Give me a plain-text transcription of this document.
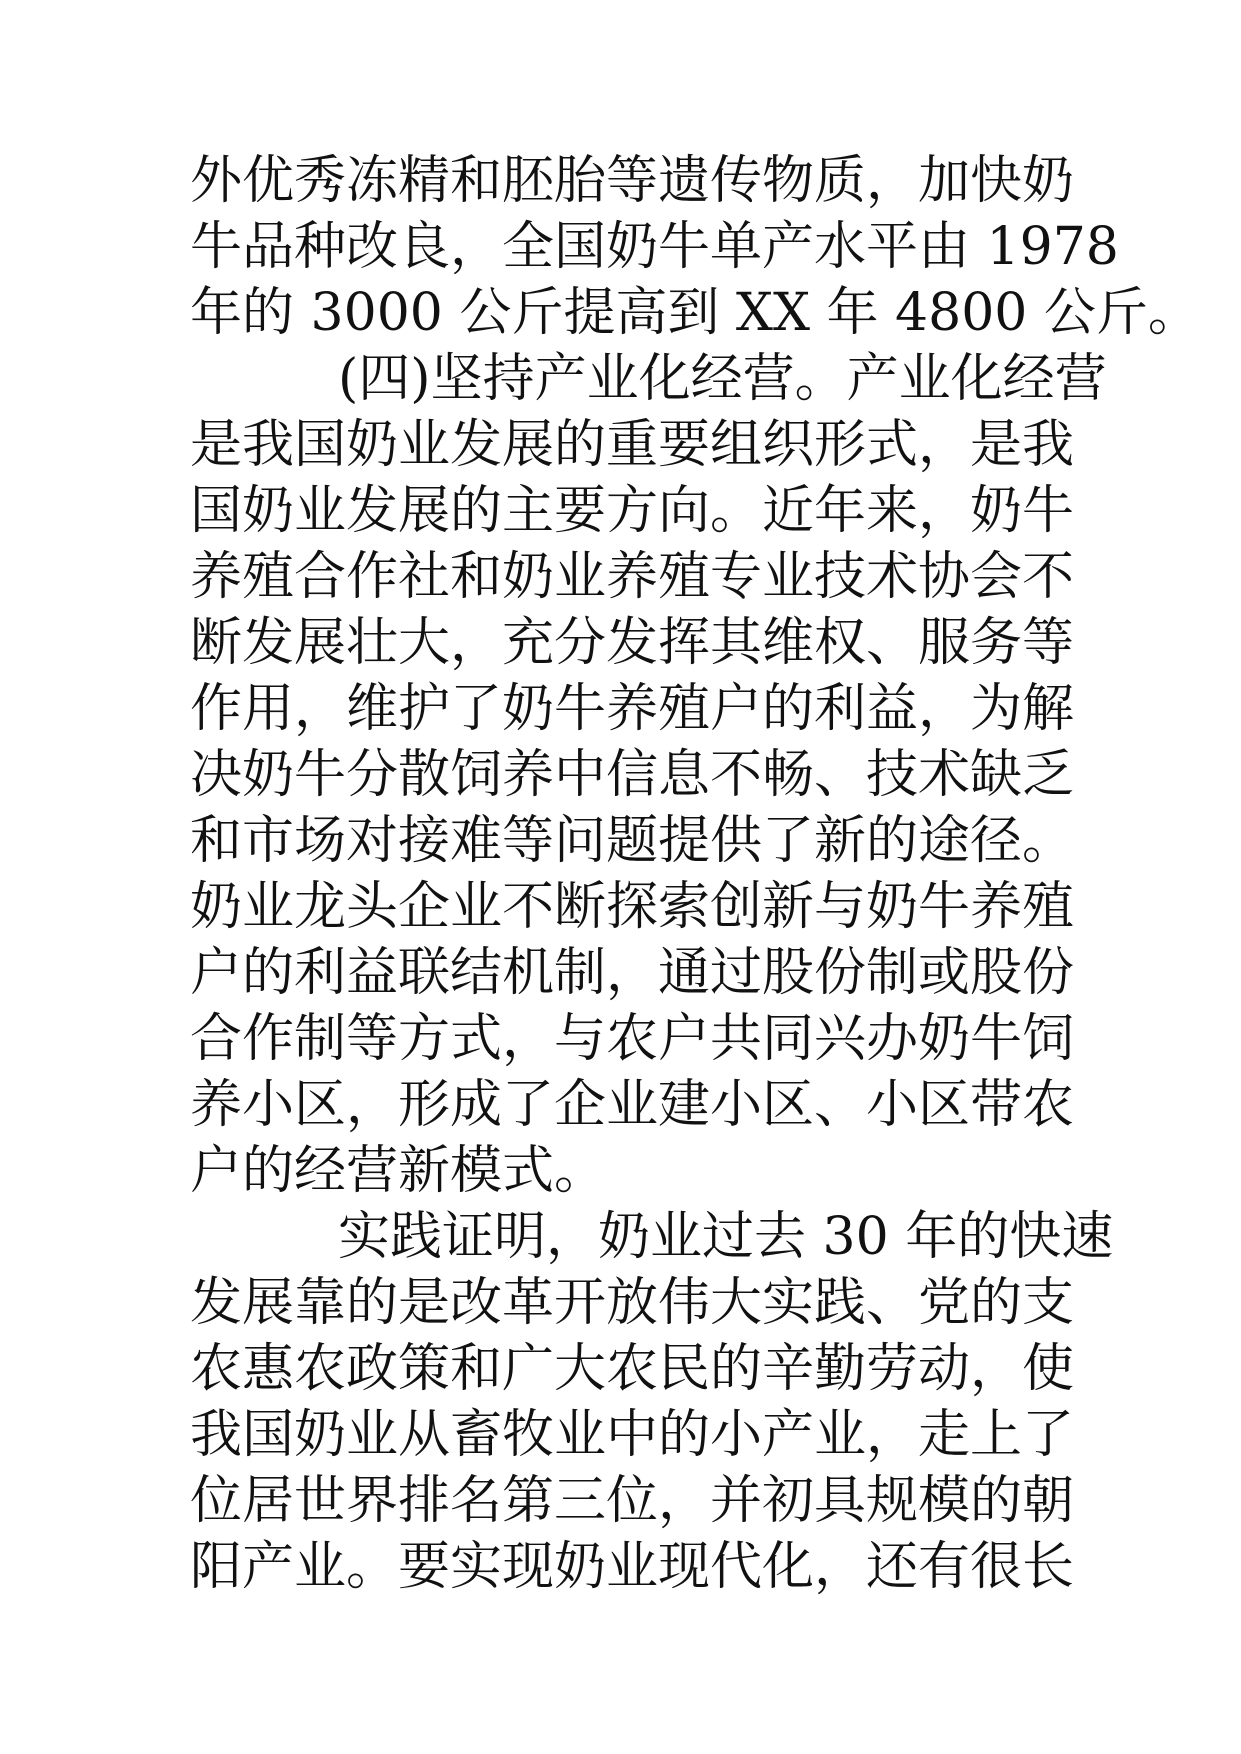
外优秀冻精和胚胎等遗传物质，加快奶
牛品种改良，全国奶牛单产水平由 1978
年的 3000 公斤提高到 XX 年 4800 公斤。
(四)坚持产业化经营。产业化经营
是我国奶业发展的重要组织形式，是我
国奶业发展的主要方向。近年来，奶牛
养殖合作社和奶业养殖专业技术协会不
断发展壮大，充分发挥其维权、服务等
作用，维护了奶牛养殖户的利益，为解
决奶牛分散饲养中信息不畅、技术缺乏
和市场对接难等问题提供了新的途径。
奶业龙头企业不断探索创新与奶牛养殖
户的利益联结机制，通过股份制或股份
合作制等方式，与农户共同兴办奶牛饲
养小区，形成了企业建小区、小区带农
户的经营新模式。
实践证明，奶业过去 30 年的快速
发展靠的是改革开放伟大实践、党的支
农惠农政策和广大农民的辛勤劳动，使
我国奶业从畜牧业中的小产业，走上了
位居世界排名第三位，并初具规模的朝
阳产业。要实现奶业现代化，还有很长
